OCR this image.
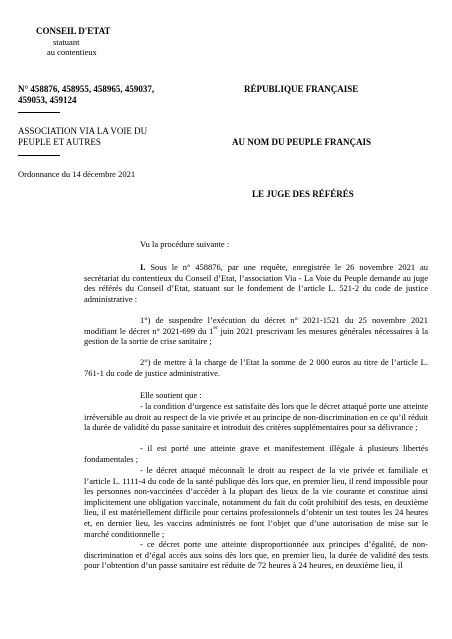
CONSEIL D'ETAT
statuant
au contentieux
N° 458876, 458955, 458965, 459037,
459053, 459124
ASSOCIATION VIA LA VOIE DU
PEUPLE ET AUTRES
Ordonnance du 14 décembre 2021
RÉPUBLIQUE FRANÇAISE
AU NOM DU PEUPLE FRANÇAIS
LE JUGE DES RÉFÉRÉS
Vu la procédure suivante :

I. Sous le n° 458876, par une requête, enregistrée le 26 novembre 2021 au secrétariat du contentieux du Conseil d’Etat, l’association Via - La Voie du Peuple demande au juge des référés du Conseil d’Etat, statuant sur le fondement de l’article L. 521-2 du code de justice administrative :

1°) de suspendre l’exécution du décret n° 2021-1521 du 25 novembre 2021 modifiant le décret n° 2021-699 du 1er juin 2021 prescrivant les mesures générales nécessaires à la gestion de la sortie de crise sanitaire ;

2°) de mettre à la charge de l’Etat la somme de 2 000 euros au titre de l’article L. 761-1 du code de justice administrative.

Elle soutient que :

- la condition d’urgence est satisfaite dès lors que le décret attaqué porte une atteinte irréversible au droit au respect de la vie privée et au principe de non-discrimination en ce qu’il réduit la durée de validité du passe sanitaire et introduit des critères supplémentaires pour sa délivrance ;

- il est porté une atteinte grave et manifestement illégale à plusieurs libertés fondamentales ;

- le décret attaqué méconnaît le droit au respect de la vie privée et familiale et l’article L. 1111-4 du code de la santé publique dès lors que, en premier lieu, il rend impossible pour les personnes non-vaccinées d’accéder à la plupart des lieux de la vie courante et constitue ainsi implicitement une obligation vaccinale, notamment du fait du coût prohibitif des tests, en deuxième lieu, il est matériellement difficile pour certains professionnels d’obtenir un test toutes les 24 heures et, en dernier lieu, les vaccins administrés ne font l’objet que d’une autorisation de mise sur le marché conditionnelle ;

- ce décret porte une atteinte disproportionnée aux principes d’égalité, de non-discrimination et d’égal accès aux soins dès lors que, en premier lieu, la durée de validité des tests pour l’obtention d’un passe sanitaire est réduite de 72 heures à 24 heures, en deuxième lieu, il
